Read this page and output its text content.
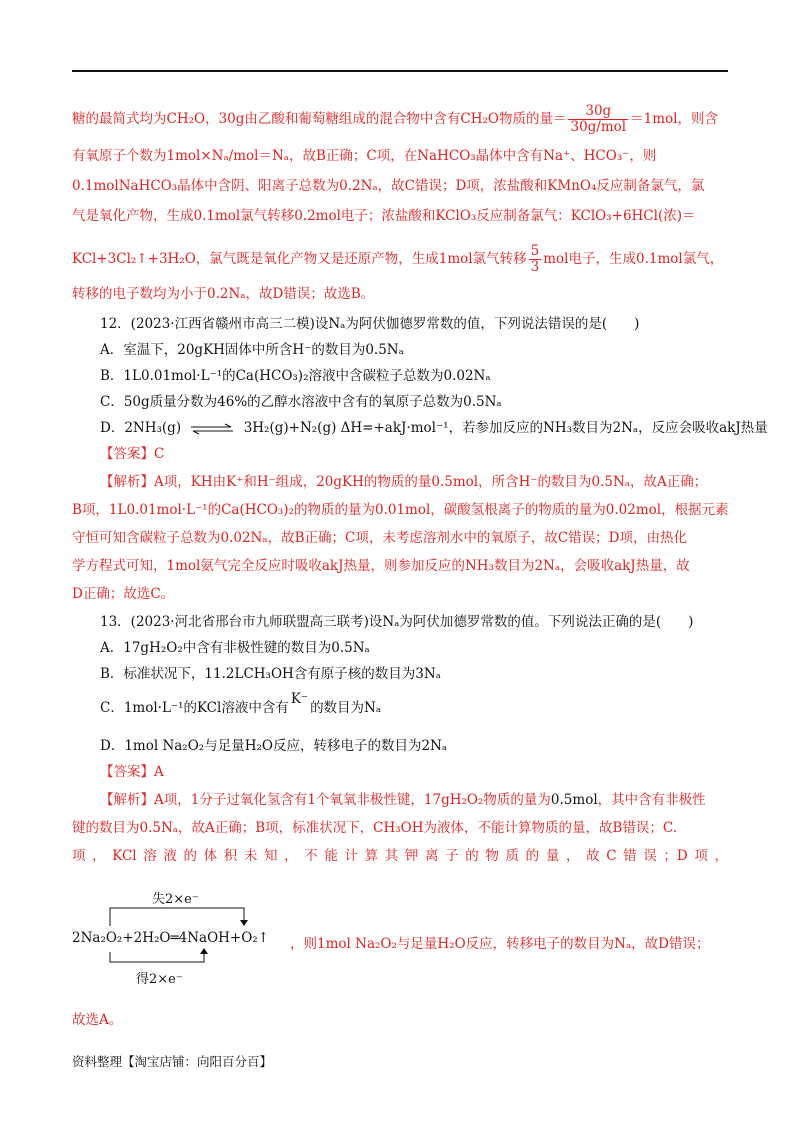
糖的最简式均为CH₂O，30g由乙酸和葡萄糖组成的混合物中含有CH₂O物质的量＝ $\frac{30g}{\text{30g/mol}} =1mol$，则含
有氧原子个数为1mol×Nₐ/mol＝Nₐ，故B正确；C项，在NaHCO₃晶体中含有Na⁺、HCO₃⁻，则
0.1molNaHCO₃晶体中含阴、阳离子总数为0.2Nₐ，故C错误；D项，浓盐酸和KMnO₄反应制备氯气，氯
气是氧化产物，生成0.1mol氯气转移0.2mol电子；浓盐酸和KClO₃反应制备氯气：KClO₃+6HCl(浓)＝
KCl+3Cl₂↑+3H₂O，氯气既是氧化产物又是还原产物，生成1mol氯气转移 $\frac{5}{3}$ mol电子，生成0.1mol氯气，
转移的电子数均为小于0.2Nₐ，故D错误；故选B。
12．(2023·江西省赣州市高三二模)设Nₐ为阿伏伽德罗常数的值，下列说法错误的是(　　)
A．室温下，20gKH固体中所含H⁻的数目为0.5Nₐ
B．1L0.01mol·L⁻¹的Ca(HCO₃)₂溶液中含碳粒子总数为0.02Nₐ
C．50g质量分数为46%的乙醇水溶液中含有的氧原子总数为0.5Nₐ
D．2NH₃(g) ⇌ 3H₂(g)+N₂(g) ΔH=+akJ·mol⁻¹，若参加反应的NH₃数目为2Nₐ，反应会吸收akJ热量
【答案】C
【解析】A项，KH由K⁺和H⁻组成，20gKH的物质的量0.5mol，所含H⁻的数目为0.5Nₐ，故A正确；
B项，1L0.01mol·L⁻¹的Ca(HCO₃)₂的物质的量为0.01mol，碳酸氢根离子的物质的量为0.02mol，根据元素
守恒可知含碳粒子总数为0.02Nₐ，故B正确；C项，未考虑溶剂水中的氧原子，故C错误；D项，由热化
学方程式可知，1mol氨气完全反应时吸收akJ热量，则参加反应的NH₃数目为2Nₐ，会吸收akJ热量，故
D正确；故选C。
13．(2023·河北省邢台市九师联盟高三联考)设Nₐ为阿伏加德罗常数的值。下列说法正确的是(　　)
A．17gH₂O₂中含有非极性键的数目为0.5Nₐ
B．标准状况下，11.2LCH₃OH含有原子核的数目为3Nₐ
C．1mol·L⁻¹的KCl溶液中含有K⁻的数目为Nₐ
D．1mol Na₂O₂与足量H₂O反应，转移电子的数目为2Nₐ
【答案】A
【解析】A项，1分子过氧化氢含有1个氧氧非极性键，17gH₂O₂物质的量为0.5mol，其中含有非极性
键的数目为0.5Nₐ，故A正确；B项，标准状况下，CH₃OH为液体，不能计算物质的量，故B错误；C.
项，KCl溶液的体积未知，不能计算其钾离子的物质的量，故C错误；D项，
失2×e⁻
2Na₂O₂+2H₂O═4NaOH+O₂↑
得2×e⁻
，则1mol Na₂O₂与足量H₂O反应，转移电子的数目为Nₐ，故D错误；
故选A。
资料整理【淘宝店铺：向阳百分百】
